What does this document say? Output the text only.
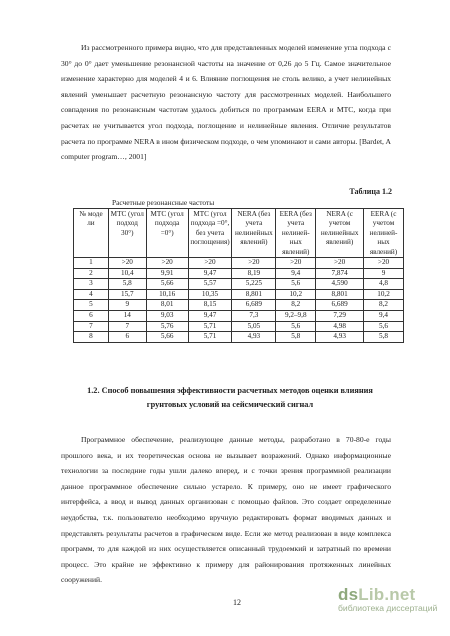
Из рассмотренного примера видно, что для представленных моделей изменение угла подхода с 30° до 0° дает уменьшение резонансной частоты на значение от 0,26 до 5 Гц. Самое значительное изменение характерно для моделей 4 и 6. Влияние поглощения не столь велико, а учет нелинейных явлений уменьшает расчетную резонансную частоту для рассмотренных моделей. Наибольшего совпадения по резонансным частотам удалось добиться по программам EERA и МТС, когда при расчетах не учитывается угол подхода, поглощение и нелинейные явления. Отличие результатов расчета по программе NERA в ином физическом подходе, о чем упоминают и сами авторы. [Bardet, A computer program…, 2001]

Таблица 1.2
Расчетные резонансные частоты
№ моде ли	МТС (угол подход 30°)	МТС (угол подхода =0°)	МТС (угол подхода =0°, без учета поглощения)	NERA (без учета нелинейных явлений)	EERA (без учета нелинейных явлений)	NERA (с учетом нелинейных явлений)	EERA (с учетом нелинейных явлений)
1	>20	>20	>20	>20	>20	>20	>20
2	10,4	9,91	9,47	8,19	9,4	7,874	9
3	5,8	5,66	5,57	5,225	5,6	4,590	4,8
4	15,7	10,16	10,35	8,801	10,2	8,801	10,2
5	9	8,01	8,15	6,689	8,2	6,689	8,2
6	14	9,03	9,47	7,3	9,2–9,8	7,29	9,4
7	7	5,76	5,71	5,05	5,6	4,98	5,6
8	6	5,66	5,71	4,93	5,8	4,93	5,8
1.2. Способ повышения эффективности расчетных методов оценки влияния грунтовых условий на сейсмический сигнал

Программное обеспечение, реализующее данные методы, разработано в 70-80-е годы прошлого века, и их теоретическая основа не вызывает возражений. Однако информационные технологии за последние годы ушли далеко вперед, и с точки зрения программной реализации данное программное обеспечение сильно устарело. К примеру, оно не имеет графического интерфейса, а ввод и вывод данных организован с помощью файлов. Это создает определенные неудобства, т.к. пользователю необходимо вручную редактировать формат вводимых данных и представлять результаты расчетов в графическом виде. Если же метод реализован в виде комплекса программ, то для каждой из них осуществляется описанный трудоемкий и затратный по времени процесс. Это крайне не эффективно к примеру для районирования протяженных линейных сооружений.

12	dsLib.net
библиотека диссертаций
